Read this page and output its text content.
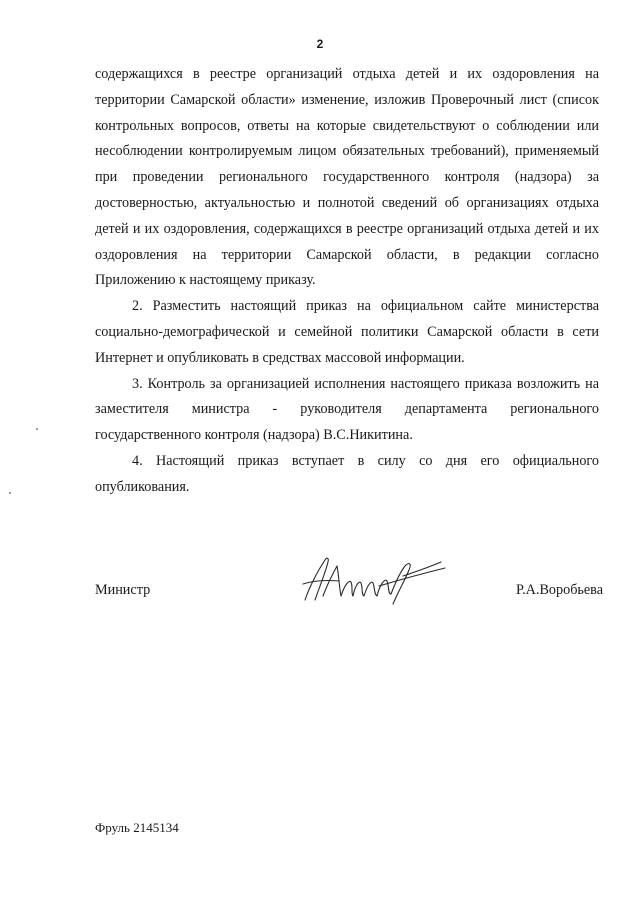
2

содержащихся в реестре организаций отдыха детей и их оздоровления на территории Самарской области» изменение, изложив Проверочный лист (список контрольных вопросов, ответы на которые свидетельствуют о соблюдении или несоблюдении контролируемым лицом обязательных требований), применяемый при проведении регионального государственного контроля (надзора) за достоверностью, актуальностью и полнотой сведений об организациях отдыха детей и их оздоровления, содержащихся в реестре организаций отдыха детей и их оздоровления на территории Самарской области, в редакции согласно Приложению к настоящему приказу.

2. Разместить настоящий приказ на официальном сайте министерства социально-демографической и семейной политики Самарской области в сети Интернет и опубликовать в средствах массовой информации.

3. Контроль за организацией исполнения настоящего приказа возложить на заместителя министра - руководителя департамента регионального государственного контроля (надзора) В.С.Никитина.

4. Настоящий приказ вступает в силу со дня его официального опубликования.

Министр	Р.А.Воробьева
Фруль 2145134
